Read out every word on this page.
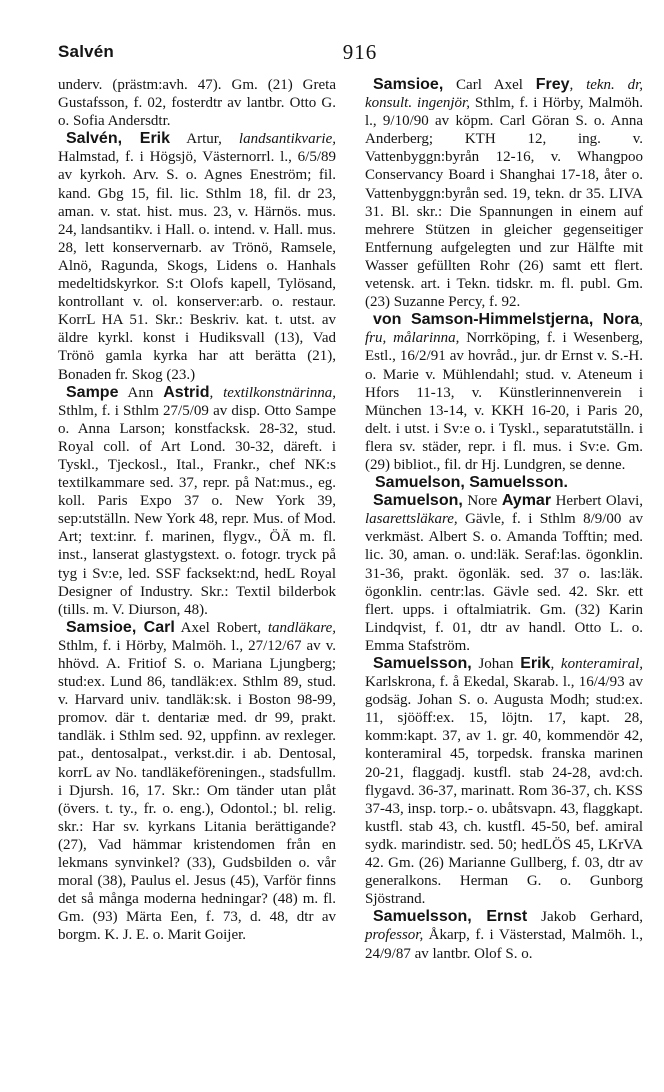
Salvén	916

underv. (prästm:avh. 47). Gm. (21) Greta Gustafsson, f. 02, fosterdtr av lantbr. Otto G. o. Sofia Andersdtr.

Salvén, Erik Artur, landsantikvarie, Halmstad, f. i Högsjö, Västernorrl. l., 6/5/89 av kyrkoh. Arv. S. o. Agnes Eneström; fil. kand. Gbg 15, fil. lic. Sthlm 18, fil. dr 23, aman. v. stat. hist. mus. 23, v. Härnös. mus. 24, landsantikv. i Hall. o. intend. v. Hall. mus. 28, lett konservernarb. av Trönö, Ramsele, Alnö, Ragunda, Skogs, Lidens o. Hanhals medeltidskyrkor. S:t Olofs kapell, Tylösand, kontrollant v. ol. konserver:arb. o. restaur. KorrL HA 51. Skr.: Beskriv. kat. t. utst. av äldre kyrkl. konst i Hudiksvall (13), Vad Trönö gamla kyrka har att berätta (21), Bonaden fr. Skog (23.)

Sampe Ann Astrid, textilkonstnärinna, Sthlm, f. i Sthlm 27/5/09 av disp. Otto Sampe o. Anna Larson; konstfacksk. 28-32, stud. Royal coll. of Art Lond. 30-32, däreft. i Tyskl., Tjeckosl., Ital., Frankr., chef NK:s textilkammare sed. 37, repr. på Nat:mus., eg. koll. Paris Expo 37 o. New York 39, sep:utställn. New York 48, repr. Mus. of Mod. Art; text:inr. f. marinen, flygv., ÖÄ m. fl. inst., lanserat glastygstext. o. fotogr. tryck på tyg i Sv:e, led. SSF facksekt:nd, hedL Royal Designer of Industry. Skr.: Textil bilderbok (tills. m. V. Diurson, 48).

Samsioe, Carl Axel Robert, tandläkare, Sthlm, f. i Hörby, Malmöh. l., 27/12/67 av v. hhövd. A. Fritiof S. o. Mariana Ljungberg; stud:ex. Lund 86, tandläk:ex. Sthlm 89, stud. v. Harvard univ. tandläk:sk. i Boston 98-99, promov. där t. dentariæ med. dr 99, prakt. tandläk. i Sthlm sed. 92, uppfinn. av rexleger. pat., dentosalpat., verkst.dir. i ab. Dentosal, korrL av No. tandläkeföreningen., stadsfullm. i Djursh. 16, 17. Skr.: Om tänder utan plåt (övers. t. ty., fr. o. eng.), Odontol.; bl. relig. skr.: Har sv. kyrkans Litania berättigande? (27), Vad hämmar kristendomen från en lekmans synvinkel? (33), Gudsbilden o. vår moral (38), Paulus el. Jesus (45), Varför finns det så många moderna hedningar? (48) m. fl. Gm. (93) Märta Een, f. 73, d. 48, dtr av borgm. K. J. E. o. Marit Goijer.

Samsioe, Carl Axel Frey, tekn. dr, konsult. ingenjör, Sthlm, f. i Hörby, Malmöh. l., 9/10/90 av köpm. Carl Göran S. o. Anna Anderberg; KTH 12, ing. v. Vattenbyggn:byrån 12-16, v. Whangpoo Conservancy Board i Shanghai 17-18, åter o. Vattenbyggn:byrån sed. 19, tekn. dr 35. LIVA 31. Bl. skr.: Die Spannungen in einem auf mehrere Stützen in gleicher gegenseitiger Entfernung aufgelegten und zur Hälfte mit Wasser gefüllten Rohr (26) samt ett flert. vetensk. art. i Tekn. tidskr. m. fl. publ. Gm. (23) Suzanne Percy, f. 92.

von Samson-Himmelstjerna, Nora, fru, målarinna, Norrköping, f. i Wesenberg, Estl., 16/2/91 av hovråd., jur. dr Ernst v. S.-H. o. Marie v. Mühlendahl; stud. v. Ateneum i Hfors 11-13, v. Künstlerinnenverein i München 13-14, v. KKH 16-20, i Paris 20, delt. i utst. i Sv:e o. i Tyskl., separatutställn. i flera sv. städer, repr. i fl. mus. i Sv:e. Gm. (29) bibliot., fil. dr Hj. Lundgren, se denne.

Samuelson, Samuelsson.

Samuelson, Nore Aymar Herbert Olavi, lasarettsläkare, Gävle, f. i Sthlm 8/9/00 av verkmäst. Albert S. o. Amanda Tofftin; med. lic. 30, aman. o. und:läk. Seraf:las. ögonklin. 31-36, prakt. ögonläk. sed. 37 o. las:läk. ögonklin. centr:las. Gävle sed. 42. Skr. ett flert. upps. i oftalmiatrik. Gm. (32) Karin Lindqvist, f. 01, dtr av handl. Otto L. o. Emma Stafström.

Samuelsson, Johan Erik, konteramiral, Karlskrona, f. å Ekedal, Skarab. l., 16/4/93 av godsäg. Johan S. o. Augusta Modh; stud:ex. 11, sjööff:ex. 15, löjtn. 17, kapt. 28, komm:kapt. 37, av 1. gr. 40, kommendör 42, konteramiral 45, torpedsk. franska marinen 20-21, flaggadj. kustfl. stab 24-28, avd:ch. flygavd. 36-37, marinatt. Rom 36-37, ch. KSS 37-43, insp. torp.- o. ubåtsvapn. 43, flaggkapt. kustfl. stab 43, ch. kustfl. 45-50, bef. amiral sydk. marindistr. sed. 50; hedLÖS 45, LKrVA 42. Gm. (26) Marianne Gullberg, f. 03, dtr av generalkons. Herman G. o. Gunborg Sjöstrand.

Samuelsson, Ernst Jakob Gerhard, professor, Åkarp, f. i Västerstad, Malmöh. l., 24/9/87 av lantbr. Olof S. o.
